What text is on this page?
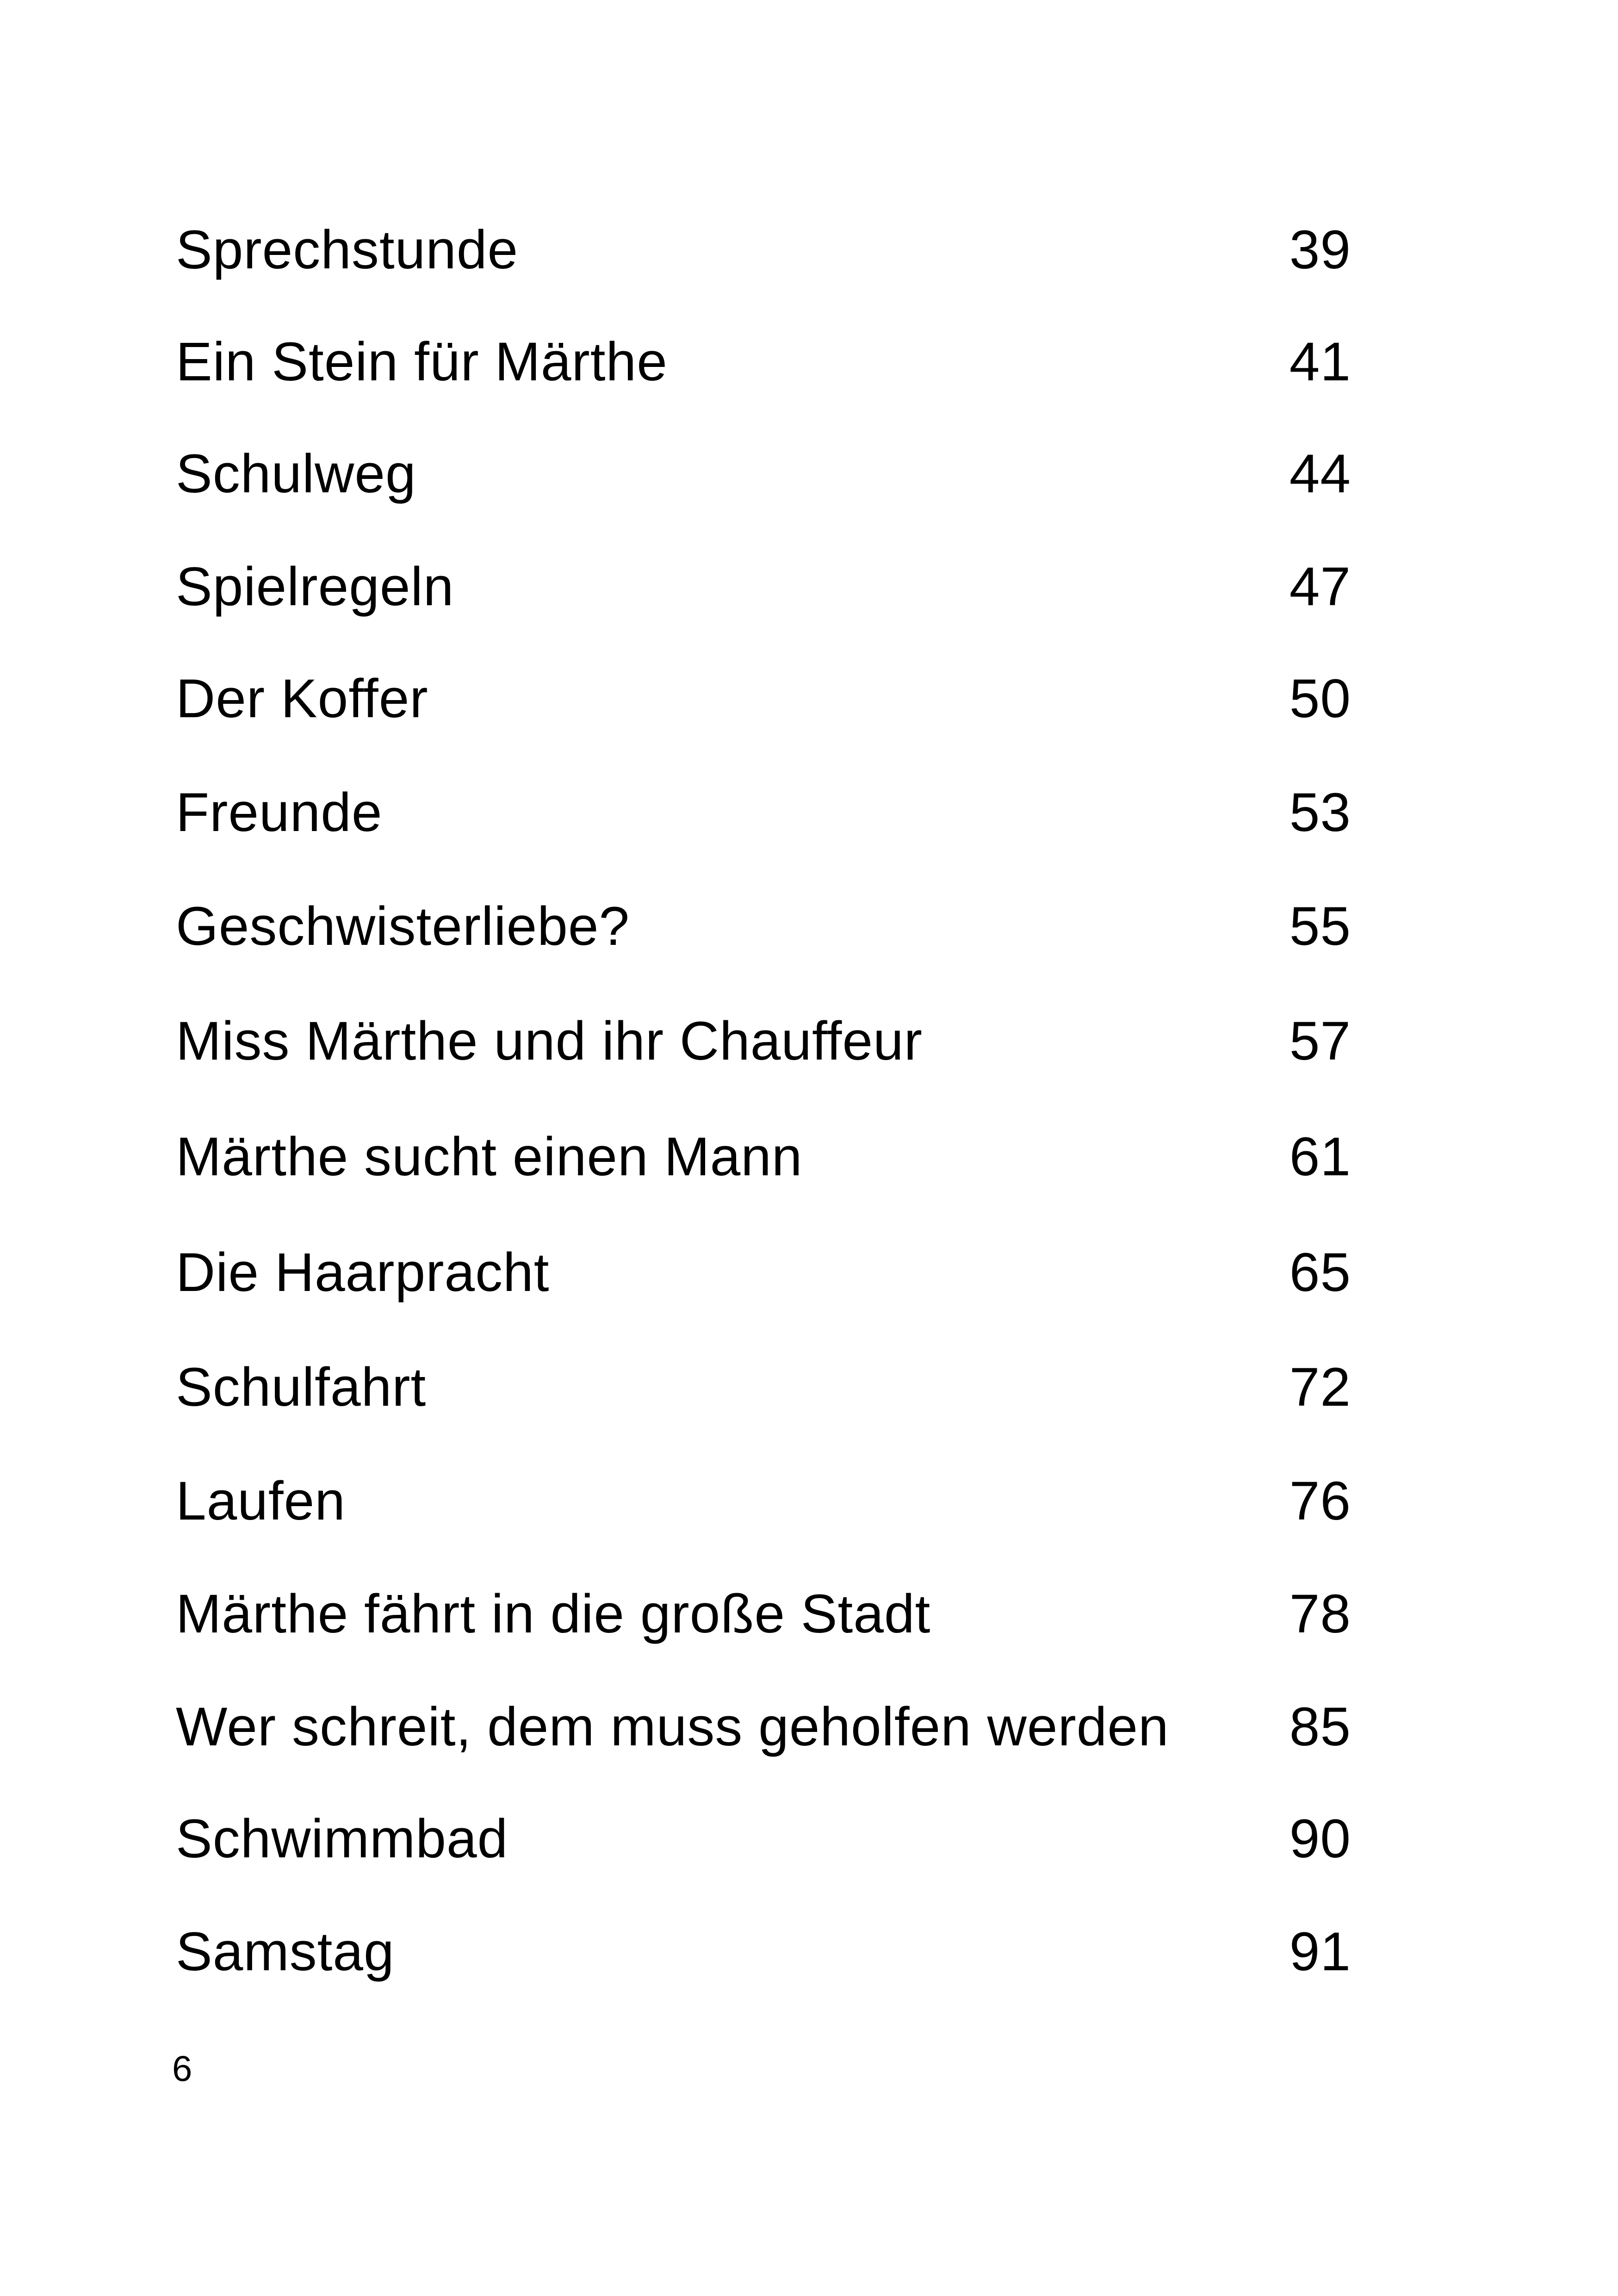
Sprechstunde	39
Ein Stein für Märthe	41
Schulweg	44
Spielregeln	47
Der Koffer	50
Freunde	53
Geschwisterliebe?	55
Miss Märthe und ihr Chauffeur	57
Märthe sucht einen Mann	61
Die Haarpracht	65
Schulfahrt	72
Laufen	76
Märthe fährt in die große Stadt	78
Wer schreit, dem muss geholfen werden 85
Schwimmbad	90
Samstag	91
6
